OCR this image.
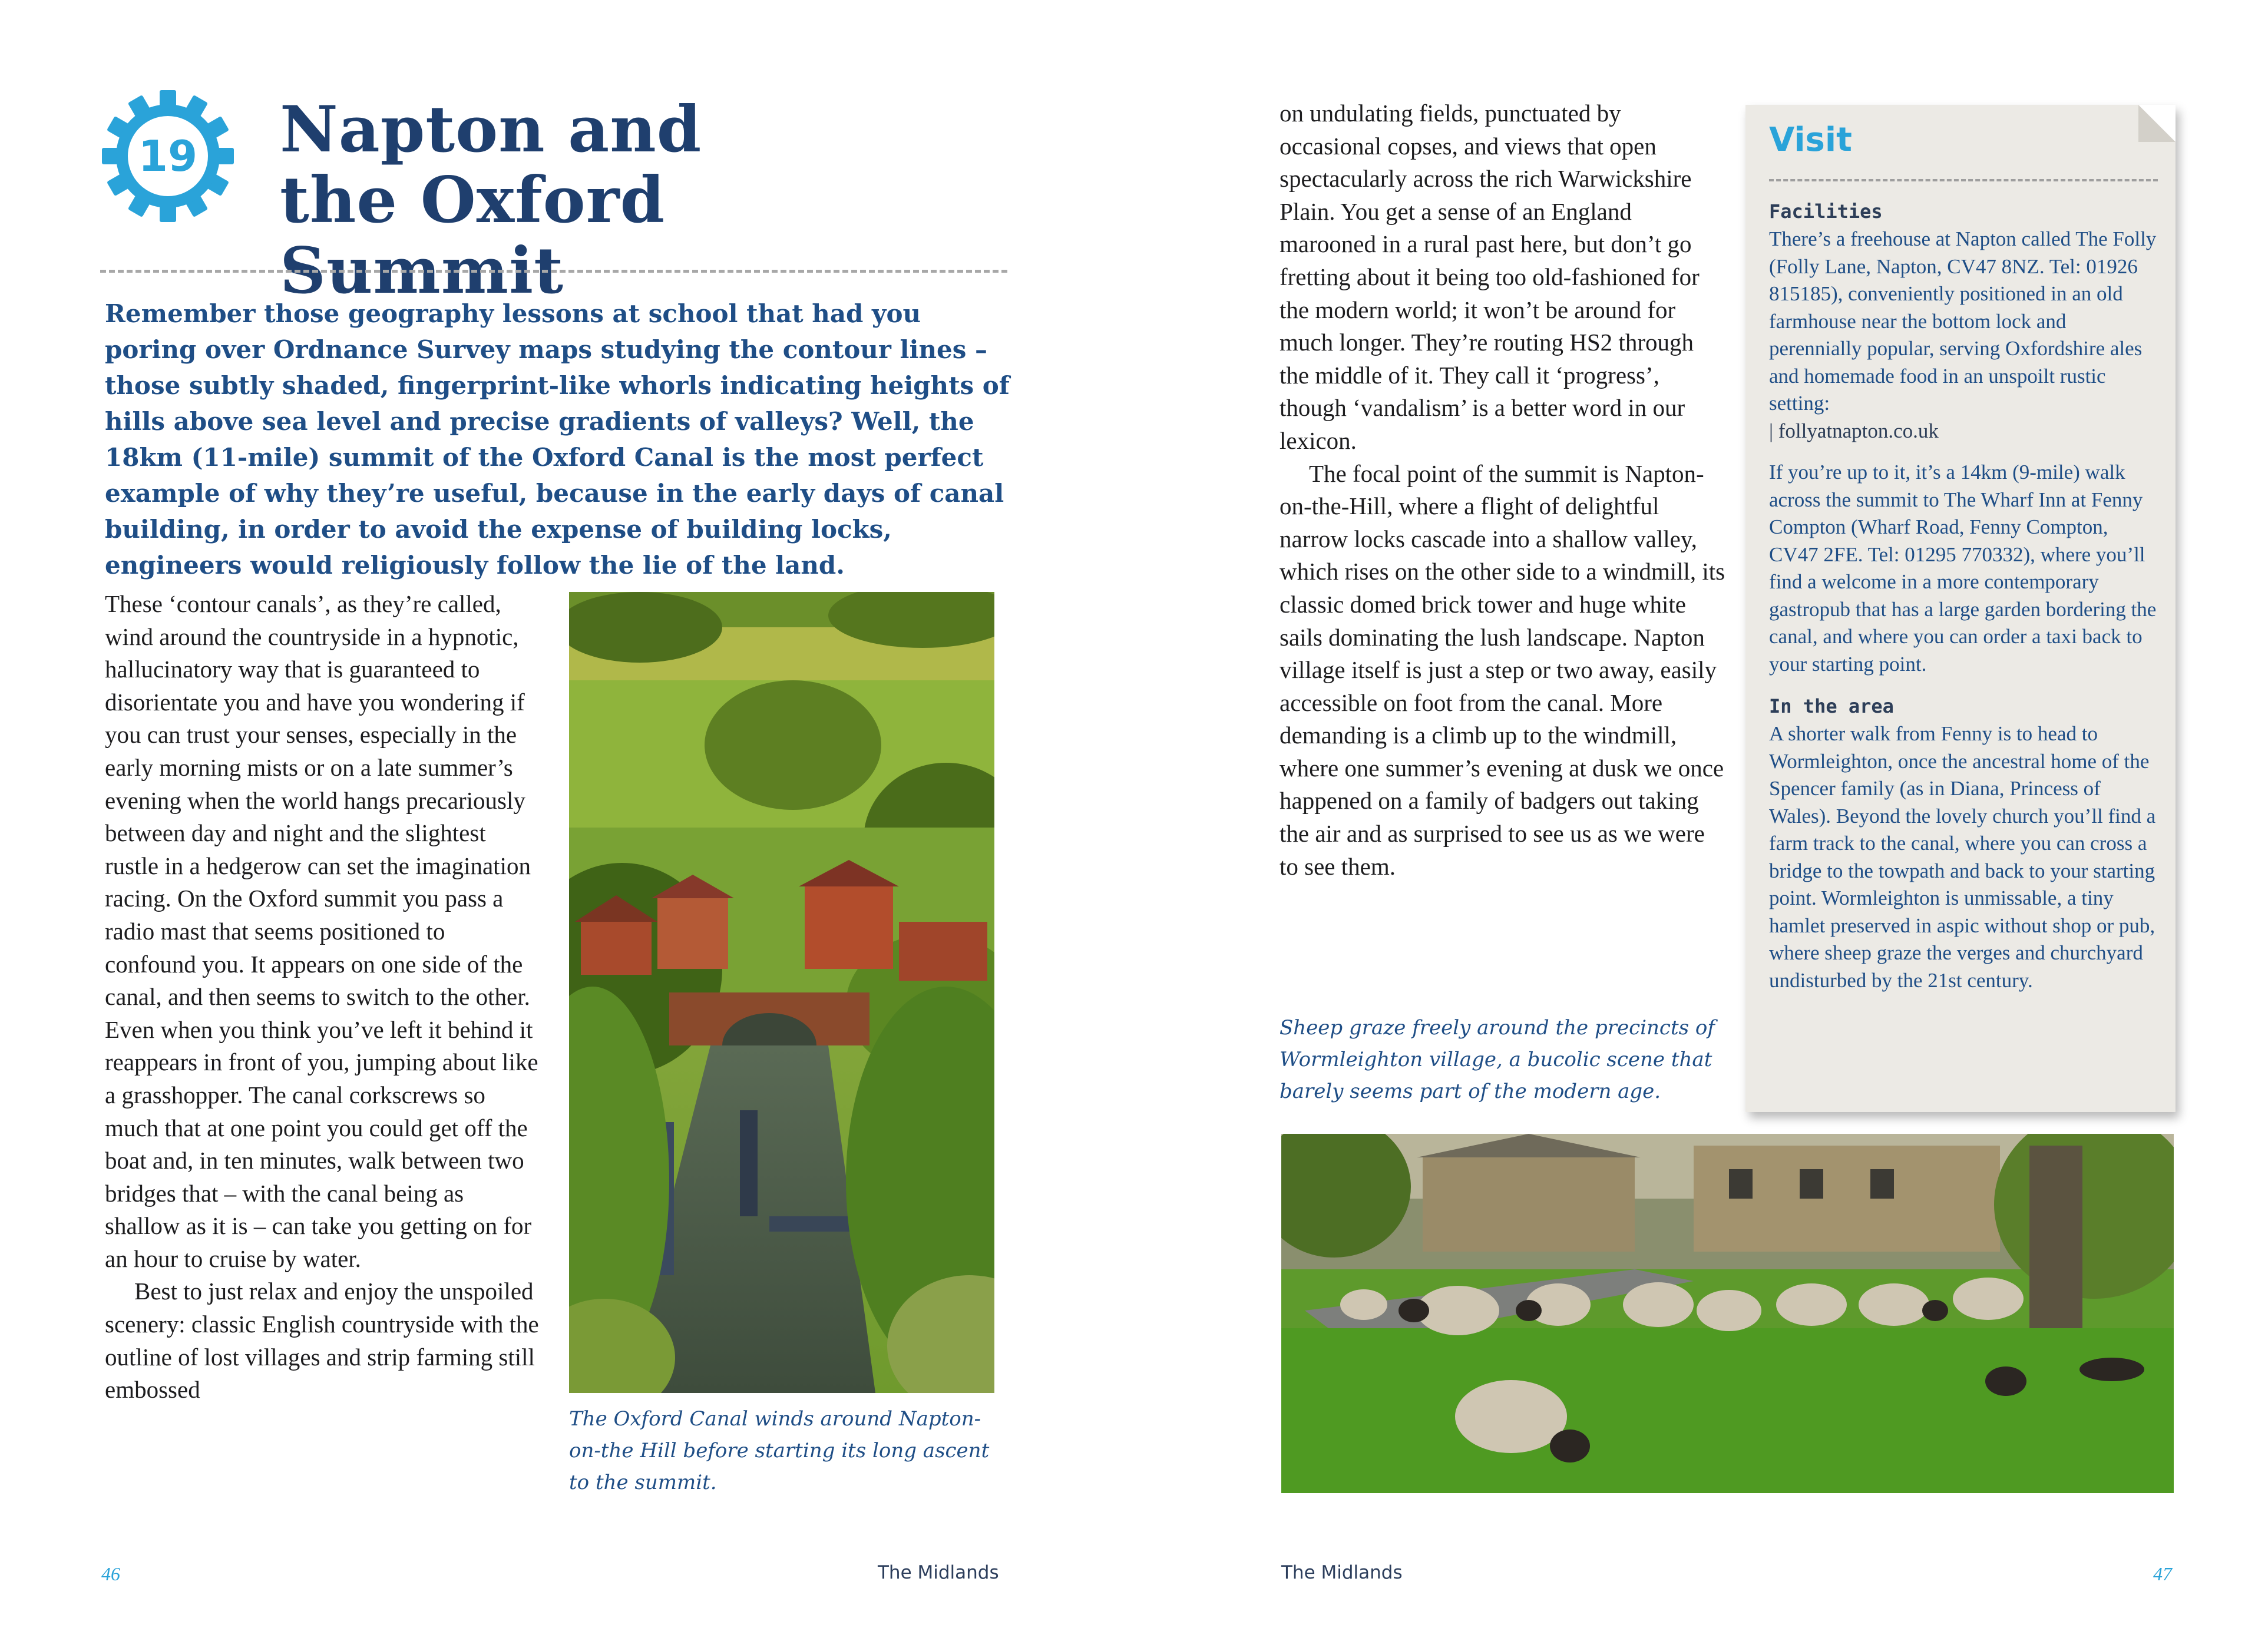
19 Napton and the Oxford Summit

Remember those geography lessons at school that had you poring over Ordnance Survey maps studying the contour lines – those subtly shaded, fingerprint-like whorls indicating heights of hills above sea level and precise gradients of valleys? Well, the 18km (11-mile) summit of the Oxford Canal is the most perfect example of why they’re useful, because in the early days of canal building, in order to avoid the expense of building locks, engineers would religiously follow the lie of the land.

These ‘contour canals’, as they’re called, wind around the countryside in a hypnotic, hallucinatory way that is guaranteed to disorientate you and have you wondering if you can trust your senses, especially in the early morning mists or on a late summer’s evening when the world hangs precariously between day and night and the slightest rustle in a hedgerow can set the imagination racing. On the Oxford summit you pass a radio mast that seems positioned to confound you. It appears on one side of the canal, and then seems to switch to the other. Even when you think you’ve left it behind it reappears in front of you, jumping about like a grasshopper. The canal corkscrews so much that at one point you could get off the boat and, in ten minutes, walk between two bridges that – with the canal being as shallow as it is – can take you getting on for an hour to cruise by water.

Best to just relax and enjoy the unspoiled scenery: classic English countryside with the outline of lost villages and strip farming still embossed

The Oxford Canal winds around Napton-on-the Hill before starting its long ascent to the summit.

46	The Midlands

on undulating fields, punctuated by occasional copses, and views that open spectacularly across the rich Warwickshire Plain. You get a sense of an England marooned in a rural past here, but don’t go fretting about it being too old-fashioned for the modern world; it won’t be around for much longer. They’re routing HS2 through the middle of it. They call it ‘progress’, though ‘vandalism’ is a better word in our lexicon.

The focal point of the summit is Napton-on-the-Hill, where a flight of delightful narrow locks cascade into a shallow valley, which rises on the other side to a windmill, its classic domed brick tower and huge white sails dominating the lush landscape. Napton village itself is just a step or two away, easily accessible on foot from the canal. More demanding is a climb up to the windmill, where one summer’s evening at dusk we once happened on a family of badgers out taking the air and as surprised to see us as we were to see them.

Sheep graze freely around the precincts of Wormleighton village, a bucolic scene that barely seems part of the modern age.

Visit
Facilities

There’s a freehouse at Napton called The Folly (Folly Lane, Napton, CV47 8NZ. Tel: 01926 815185), conveniently positioned in an old farmhouse near the bottom lock and perennially popular, serving Oxfordshire ales and homemade food in an unspoilt rustic setting:

| follyatnapton.co.uk

If you’re up to it, it’s a 14km (9-mile) walk across the summit to The Wharf Inn at Fenny Compton (Wharf Road, Fenny Compton, CV47 2FE. Tel: 01295 770332), where you’ll find a welcome in a more contemporary gastropub that has a large garden bordering the canal, and where you can order a taxi back to your starting point.

In the area

A shorter walk from Fenny is to head to Wormleighton, once the ancestral home of the Spencer family (as in Diana, Princess of Wales). Beyond the lovely church you’ll find a farm track to the canal, where you can cross a bridge to the towpath and back to your starting point. Wormleighton is unmissable, a tiny hamlet preserved in aspic without shop or pub, where sheep graze the verges and churchyard undisturbed by the 21st century.

The Midlands	47
